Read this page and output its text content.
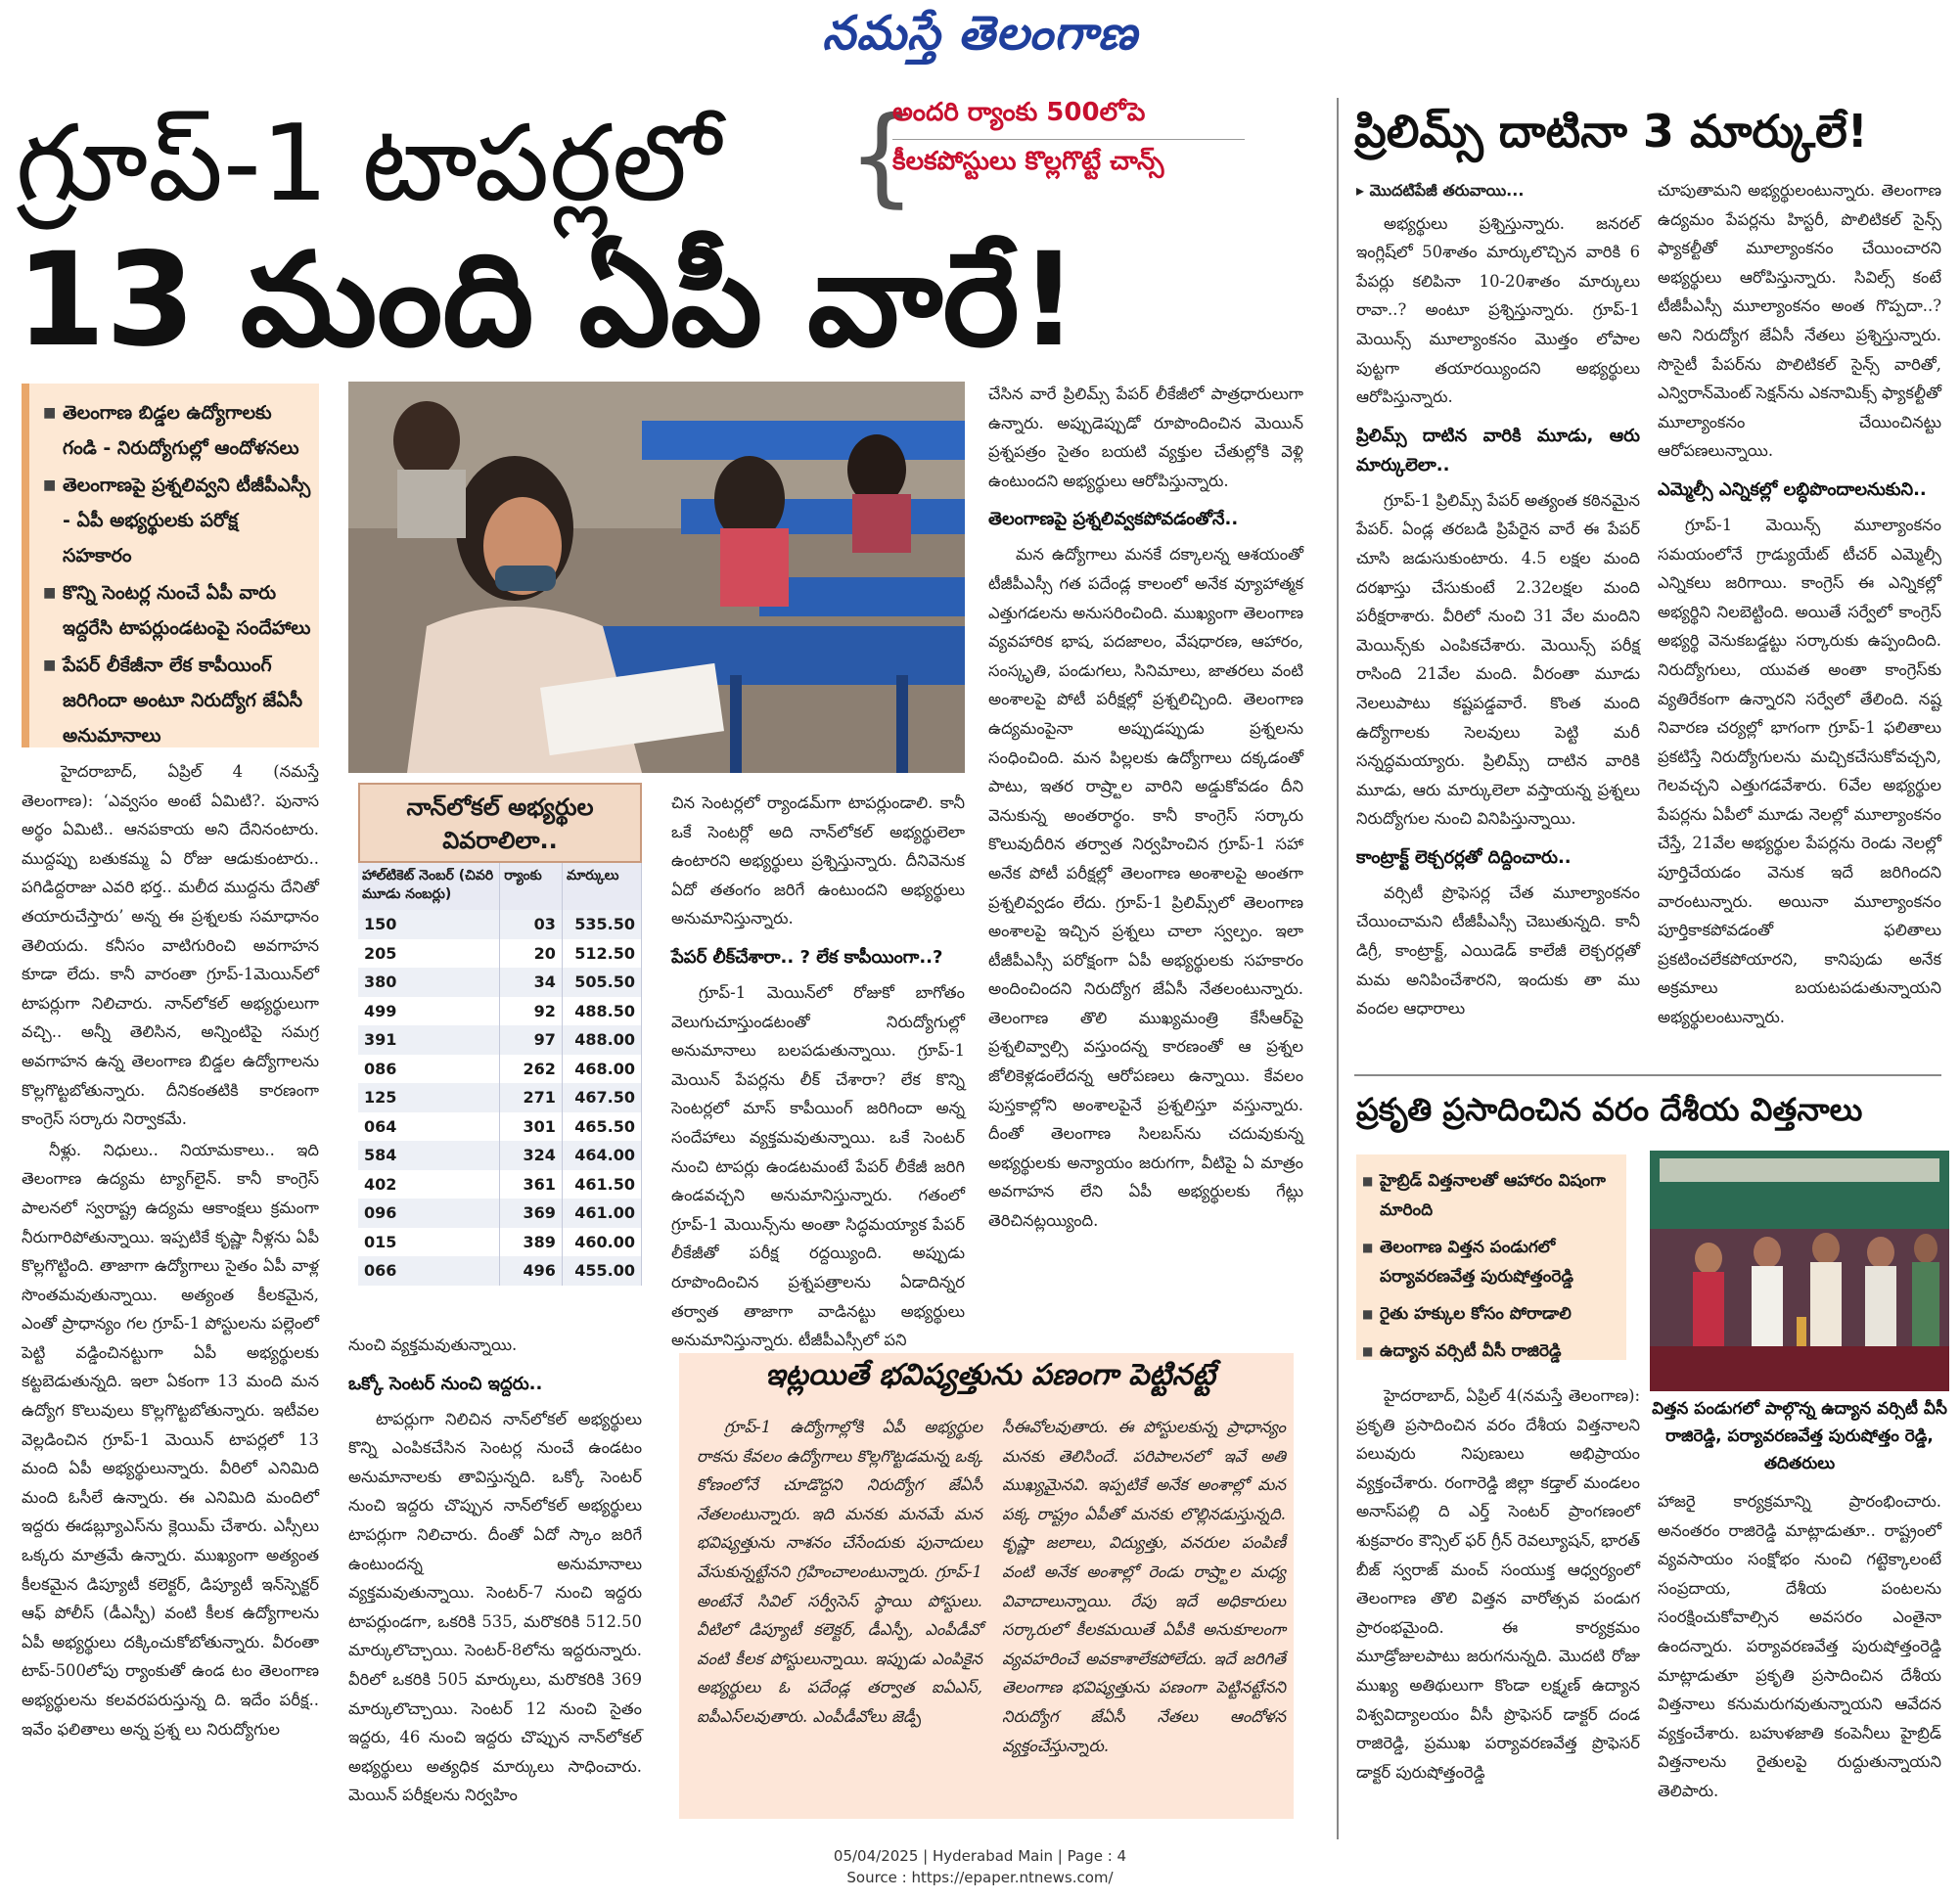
నమస్తే తెలంగాణ
గ్రూప్-1 టాపర్లలో
13 మంది ఏపీ వారే!
{
అందరి ర్యాంకు 500లోపె
కీలకపోస్టులు కొల్లగొట్టే చాన్స్
■ తెలంగాణ బిడ్డల ఉద్యోగాలకు గండి - నిరుద్యోగుల్లో ఆందోళనలు
■ తెలంగాణపై ప్రశ్నలివ్వని టీజీపీఎస్సీ - ఏపీ అభ్యర్థులకు పరోక్ష సహకారం
■ కొన్ని సెంటర్ల నుంచే ఏపీ వారు ఇద్దరేసి టాపర్లుండటంపై సందేహాలు
■ పేపర్ లీకేజీనా లేక కాపీయింగ్ జరిగిందా అంటూ నిరుద్యోగ జేఏసీ అనుమానాలు

హైదరాబాద్, ఏప్రిల్ 4 (నమస్తే తెలంగాణ): ‘ఎవ్వసం అంటే ఏమిటి?. పునాస అర్థం ఏమిటి.. ఆనపకాయ అని దేనినంటారు. ముద్దప్పు బతుకమ్మ ఏ రోజు ఆడుకుంటారు.. పగిడిద్దరాజు ఎవరి భర్త.. మలీద ముద్దను దేనితో తయారుచేస్తారు’ అన్న ఈ ప్రశ్నలకు సమాధానం తెలియదు. కనీసం వాటిగురించి అవగాహన కూడా లేదు. కానీ వారంతా గ్రూప్-1మెయిన్‌లో టాపర్లుగా నిలిచారు. నాన్‌లోకల్ అభ్యర్థులుగా వచ్చి.. అన్నీ తెలిసిన, అన్నింటిపై సమగ్ర అవగాహన ఉన్న తెలంగాణ బిడ్డల ఉద్యోగాలను కొల్లగొట్టబోతున్నారు. దీనికంతటికి కారణంగా కాంగ్రెస్ సర్కారు నిర్వాకమే.

నీళ్లు. నిధులు.. నియామకాలు.. ఇది తెలంగాణ ఉద్యమ ట్యాగ్‌లైన్. కానీ కాంగ్రెస్ పాలనలో స్వరాష్ట్ర ఉద్యమ ఆకాంక్షలు క్రమంగా నీరుగారిపోతున్నాయి. ఇప్పటికే కృష్ణా నీళ్లను ఏపీ కొల్లగొట్టింది. తాజాగా ఉద్యోగాలు సైతం ఏపీ వాళ్ల సొంతమవుతున్నాయి. అత్యంత కీలకమైన, ఎంతో ప్రాధాన్యం గల గ్రూప్-1 పోస్టులను పల్లెంలో పెట్టి వడ్డించినట్టుగా ఏపీ అభ్యర్థులకు కట్టబెడుతున్నది. ఇలా ఏకంగా 13 మంది మన ఉద్యోగ కొలువులు కొల్లగొట్టబోతున్నారు. ఇటీవల వెల్లడించిన గ్రూప్-1 మెయిన్ టాపర్లలో 13 మంది ఏపీ అభ్యర్థులున్నారు. వీరిలో ఎనిమిది మంది ఓసీలే ఉన్నారు. ఈ ఎనిమిది మందిలో ఇద్దరు ఈడబ్ల్యూఎస్‌ను క్లెయిమ్ చేశారు. ఎస్సీలు ఒక్కరు మాత్రమే ఉన్నారు. ముఖ్యంగా అత్యంత కీలకమైన డిప్యూటీ కలెక్టర్, డిప్యూటీ ఇన్‌స్పెక్టర్ ఆఫ్ పోలీస్ (డీఎస్పీ) వంటి కీలక ఉద్యోగాలను ఏపీ అభ్యర్థులు దక్కించుకోబోతున్నారు. వీరంతా టాప్-500లోపు ర్యాంకుతో ఉండ టం తెలంగాణ అభ్యర్థులను కలవరపరుస్తున్న ది. ఇదేం పరీక్ష.. ఇవేం ఫలితాలు అన్న ప్రశ్న లు నిరుద్యోగుల

నాన్‌లోకల్ అభ్యర్థుల వివరాలిలా..
హాల్‌టికెట్ నెంబర్ (చివరి మూడు నంబర్లు)	ర్యాంకు	మార్కులు
150	03	535.50
205	20	512.50
380	34	505.50
499	92	488.50
391	97	488.00
086	262	468.00
125	271	467.50
064	301	465.50
584	324	464.00
402	361	461.50
096	369	461.00
015	389	460.00
066	496	455.00

నుంచి వ్యక్తమవుతున్నాయి.

ఒక్కో సెంటర్ నుంచి ఇద్దరు..

టాపర్లుగా నిలిచిన నాన్‌లోకల్ అభ్యర్థులు కొన్ని ఎంపికచేసిన సెంటర్ల నుంచే ఉండటం అనుమానాలకు తావిస్తున్నది. ఒక్కో సెంటర్ నుంచి ఇద్దరు చొప్పున నాన్‌లోకల్ అభ్యర్థులు టాపర్లుగా నిలిచారు. దీంతో ఏదో స్కాం జరిగే ఉంటుందన్న అనుమానాలు వ్యక్తమవుతున్నాయి. సెంటర్-7 నుంచి ఇద్దరు టాపర్లుండగా, ఒకరికి 535, మరొకరికి 512.50 మార్కులొచ్చాయి. సెంటర్-8లోను ఇద్దరున్నారు. వీరిలో ఒకరికి 505 మార్కులు, మరొకరికి 369 మార్కులొచ్చాయి. సెంటర్ 12 నుంచి సైతం ఇద్దరు, 46 నుంచి ఇద్దరు చొప్పున నాన్‌లోకల్ అభ్యర్థులు అత్యధిక మార్కులు సాధించారు. మెయిన్ పరీక్షలను నిర్వహిం

చిన సెంటర్లలో ర్యాండమ్‌గా టాపర్లుండాలి. కానీ ఒకే సెంటర్లో అది నాన్‌లోకల్ అభ్యర్థులెలా ఉంటారని అభ్యర్థులు ప్రశ్నిస్తున్నారు. దీనివెనుక ఏదో తతంగం జరిగే ఉంటుందని అభ్యర్థులు అనుమానిస్తున్నారు.

పేపర్ లీక్‌చేశారా.. ? లేక కాపీయింగా..?

గ్రూప్-1 మెయిన్‌లో రోజుకో బాగోతం వెలుగుచూస్తుండటంతో నిరుద్యోగుల్లో అనుమానాలు బలపడుతున్నాయి. గ్రూప్-1 మెయిన్ పేపర్లను లీక్ చేశారా? లేక కొన్ని సెంటర్లలో మాస్ కాపీయింగ్ జరిగిందా అన్న సందేహాలు వ్యక్తమవుతున్నాయి. ఒకే సెంటర్ నుంచి టాపర్లు ఉండటమంటే పేపర్ లీకేజీ జరిగి ఉండవచ్చని అనుమానిస్తున్నారు. గతంలో గ్రూప్-1 మెయిన్స్‌ను అంతా సిద్ధమయ్యాక పేపర్ లీకేజీతో పరీక్ష రద్దయ్యింది. అప్పుడు రూపొందించిన ప్రశ్నపత్రాలను ఏడాదిన్నర తర్వాత తాజాగా వాడినట్టు అభ్యర్థులు అనుమానిస్తున్నారు. టీజీపీఎస్సీలో పని

చేసిన వారే ప్రిలిమ్స్ పేపర్ లీకేజీలో పాత్రధారులుగా ఉన్నారు. అప్పుడెప్పుడో రూపొందించిన మెయిన్ ప్రశ్నపత్రం సైతం బయటి వ్యక్తుల చేతుల్లోకి వెళ్లి ఉంటుందని అభ్యర్థులు ఆరోపిస్తున్నారు.

తెలంగాణపై ప్రశ్నలివ్వకపోవడంతోనే..

మన ఉద్యోగాలు మనకే దక్కాలన్న ఆశయంతో టీజీపీఎస్సీ గత పదేండ్ల కాలంలో అనేక వ్యూహాత్మక ఎత్తుగడలను అనుసరించింది. ముఖ్యంగా తెలంగాణ వ్యవహారిక భాష, పదజాలం, వేషధారణ, ఆహారం, సంస్కృతి, పండుగలు, సినిమాలు, జాతరలు వంటి అంశాలపై పోటీ పరీక్షల్లో ప్రశ్నలిచ్చింది. తెలంగాణ ఉద్యమంపైనా అప్పుడప్పుడు ప్రశ్నలను సంధించింది. మన పిల్లలకు ఉద్యోగాలు దక్కడంతో పాటు, ఇతర రాష్ర్టాల వారిని అడ్డుకోవడం దీని వెనుకున్న అంతరార్థం. కానీ కాంగ్రెస్ సర్కారు కొలువుదీరిన తర్వాత నిర్వహించిన గ్రూప్-1 సహా అనేక పోటీ పరీక్షల్లో తెలంగాణ అంశాలపై అంతగా ప్రశ్నలివ్వడం లేదు. గ్రూప్-1 ప్రిలిమ్స్‌లో తెలంగాణ అంశాలపై ఇచ్చిన ప్రశ్నలు చాలా స్వల్పం. ఇలా టీజీపీఎస్సీ పరోక్షంగా ఏపీ అభ్యర్థులకు సహకారం అందించిందని నిరుద్యోగ జేఏసీ నేతలంటున్నారు. తెలంగాణ తొలి ముఖ్యమంత్రి కేసీఆర్‌పై ప్రశ్నలివ్వాల్సి వస్తుందన్న కారణంతో ఆ ప్రశ్నల జోలికెళ్లడంలేదన్న ఆరోపణలు ఉన్నాయి. కేవలం పుస్తకాల్లోని అంశాలపైనే ప్రశ్నలిస్తూ వస్తున్నారు. దీంతో తెలంగాణ సిలబస్‌ను చదువుకున్న అభ్యర్థులకు అన్యాయం జరుగగా, వీటిపై ఏ మాత్రం అవగాహన లేని ఏపీ అభ్యర్థులకు గేట్లు తెరిచినట్లయ్యింది.

ఇట్లయితే భవిష్యత్తును పణంగా పెట్టినట్టే

గ్రూప్-1 ఉద్యోగాల్లోకి ఏపీ అభ్యర్థుల రాకను కేవలం ఉద్యోగాలు కొల్లగొట్టడమన్న ఒక్క కోణంలోనే చూడొద్దని నిరుద్యోగ జేఏసీ నేతలంటున్నారు. ఇది మనకు మనమే మన భవిష్యత్తును నాశనం చేసేందుకు పునాదులు వేసుకున్నట్టేనని గ్రహించాలంటున్నారు. గ్రూప్-1 అంటేనే సివిల్ సర్వీసెస్ స్థాయి పోస్టులు. వీటిలో డిప్యూటీ కలెక్టర్, డీఎస్పీ, ఎంపీడీవో వంటి కీలక పోస్టులున్నాయి. ఇప్పుడు ఎంపికైన అభ్యర్థులు ఓ పదేండ్ల తర్వాత ఐఏఎస్, ఐపీఎస్‌లవుతారు. ఎంపీడీవోలు జెడ్పీ

సీఈవోలవుతారు. ఈ పోస్టులకున్న ప్రాధాన్యం మనకు తెలిసిందే. పరిపాలనలో ఇవే అతి ముఖ్యమైనవి. ఇప్పటికే అనేక అంశాల్లో మన పక్క రాష్ట్రం ఏపీతో మనకు లొల్లినడుస్తున్నది. కృష్ణా జలాలు, విద్యుత్తు, వనరుల పంపిణీ వంటి అనేక అంశాల్లో రెండు రాష్ర్టాల మధ్య వివాదాలున్నాయి. రేపు ఇదే అధికారులు సర్కారులో కీలకమయితే ఏపీకి అనుకూలంగా వ్యవహరించే అవకాశాలేకపోలేదు. ఇదే జరిగితే తెలంగాణ భవిష్యత్తును పణంగా పెట్టినట్టేనని నిరుద్యోగ జేఏసీ నేతలు ఆందోళన వ్యక్తంచేస్తున్నారు.

ప్రిలిమ్స్ దాటినా 3 మార్కులే!
▸ మొదటిపేజీ తరువాయి...

అభ్యర్థులు ప్రశ్నిస్తున్నారు. జనరల్ ఇంగ్లిష్‌లో 50శాతం మార్కులొచ్చిన వారికి 6 పేపర్లు కలిపినా 10-20శాతం మార్కులు రావా..? అంటూ ప్రశ్నిస్తున్నారు. గ్రూప్-1 మెయిన్స్ మూల్యాంకనం మొత్తం లోపాల పుట్టగా తయారయ్యిందని అభ్యర్థులు ఆరోపిస్తున్నారు.

ప్రిలిమ్స్ దాటిన వారికి మూడు, ఆరు మార్కులెలా..

గ్రూప్-1 ప్రిలిమ్స్ పేపర్ అత్యంత కఠినమైన పేపర్. ఏండ్ల తరబడి ప్రిపేరైన వారే ఈ పేపర్ చూసి జడుసుకుంటారు. 4.5 లక్షల మంది దరఖాస్తు చేసుకుంటే 2.32లక్షల మంది పరీక్షరాశారు. వీరిలో నుంచి 31 వేల మందిని మెయిన్స్‌కు ఎంపికచేశారు. మెయిన్స్ పరీక్ష రాసింది 21వేల మంది. వీరంతా మూడు నెలలుపాటు కష్టపడ్డవారే. కొంత మంది ఉద్యోగాలకు సెలవులు పెట్టి మరీ సన్నద్ధమయ్యారు. ప్రిలిమ్స్ దాటిన వారికి మూడు, ఆరు మార్కులెలా వస్తాయన్న ప్రశ్నలు నిరుద్యోగుల నుంచి వినిపిస్తున్నాయి.

కాంట్రాక్ట్ లెక్చరర్లతో దిద్దించారు..

వర్సిటీ ప్రొఫెసర్ల చేత మూల్యాంకనం చేయించామని టీజీపీఎస్సీ చెబుతున్నది. కానీ డిగ్రీ, కాంట్రాక్ట్, ఎయిడెడ్ కాలేజీ లెక్చరర్లతో మమ అనిపించేశారని, ఇందుకు తా ము వందల ఆధారాలు

చూపుతామని అభ్యర్థులంటున్నారు. తెలంగాణ ఉద్యమం పేపర్లను హిస్టరీ, పొలిటికల్ సైన్స్ ఫ్యాకల్టీతో మూల్యాంకనం చేయించారని అభ్యర్థులు ఆరోపిస్తున్నారు. సివిల్స్ కంటే టీజీపీఎస్సీ మూల్యాంకనం అంత గొప్పదా..? అని నిరుద్యోగ జేఏసీ నేతలు ప్రశ్నిస్తున్నారు. సొసైటీ పేపర్‌ను పొలిటికల్ సైన్స్ వారితో, ఎన్విరాన్‌మెంట్ సెక్షన్‌ను ఎకనామిక్స్ ఫ్యాకల్టీతో మూల్యాంకనం చేయించినట్టు ఆరోపణలున్నాయి.

ఎమ్మెల్సీ ఎన్నికల్లో లబ్ధిపొందాలనుకుని..

గ్రూప్-1 మెయిన్స్ మూల్యాంకనం సమయంలోనే గ్రాడ్యుయేట్ టీచర్ ఎమ్మెల్సీ ఎన్నికలు జరిగాయి. కాంగ్రెస్ ఈ ఎన్నికల్లో అభ్యర్థిని నిలబెట్టింది. అయితే సర్వేలో కాంగ్రెస్ అభ్యర్థి వెనుకబడ్డట్టు సర్కారుకు ఉప్పందింది. నిరుద్యోగులు, యువత అంతా కాంగ్రెస్‌కు వ్యతిరేకంగా ఉన్నారని సర్వేలో తేలింది. నష్ట నివారణ చర్యల్లో భాగంగా గ్రూప్-1 ఫలితాలు ప్రకటిస్తే నిరుద్యోగులను మచ్చికచేసుకోవచ్చని, గెలవచ్చని ఎత్తుగడవేశారు. 6వేల అభ్యర్థుల పేపర్లను ఏపీలో మూడు నెలల్లో మూల్యాంకనం చేస్తే, 21వేల అభ్యర్థుల పేపర్లను రెండు నెలల్లో పూర్తిచేయడం వెనుక ఇదే జరిగిందని వారంటున్నారు. అయినా మూల్యాంకనం పూర్తికాకపోవడంతో ఫలితాలు ప్రకటించలేకపోయారని, కానిపుడు అనేక అక్రమాలు బయటపడుతున్నాయని అభ్యర్థులంటున్నారు.

ప్రకృతి ప్రసాదించిన వరం దేశీయ విత్తనాలు
■ హైబ్రిడ్ విత్తనాలతో ఆహారం విషంగా మారింది
■ తెలంగాణ విత్తన పండుగలో పర్యావరణవేత్త పురుషోత్తంరెడ్డి
■ రైతు హక్కుల కోసం పోరాడాలి
■ ఉద్యాన వర్సిటీ వీసీ రాజిరెడ్డి
విత్తన పండుగలో పాల్గొన్న ఉద్యాన వర్సిటీ వీసీ రాజిరెడ్డి, పర్యావరణవేత్త పురుషోత్తం రెడ్డి, తదితరులు

హైదరాబాద్, ఏప్రిల్ 4(నమస్తే తెలంగాణ): ప్రకృతి ప్రసాదించిన వరం దేశీయ విత్తనాలని పలువురు నిపుణులు అభిప్రాయం వ్యక్తంచేశారు. రంగారెడ్డి జిల్లా కడ్తాల్ మండలం అనాస్‌పల్లి ది ఎర్త్ సెంటర్ ప్రాంగణంలో శుక్రవారం కౌన్సిల్ ఫర్ గ్రీన్ రెవల్యూషన్, భారత్ బీజ్ స్వరాజ్ మంచ్ సంయుక్త ఆధ్వర్యంలో తెలంగాణ తొలి విత్తన వారోత్సవ పండుగ ప్రారంభమైంది. ఈ కార్యక్రమం మూడ్రోజులపాటు జరుగనున్నది. మొదటి రోజు ముఖ్య అతిథులుగా కొండా లక్ష్మణ్ ఉద్యాన విశ్వవిద్యాలయం వీసీ ప్రొఫెసర్ డాక్టర్ దండ రాజిరెడ్డి, ప్రముఖ పర్యావరణవేత్త ప్రొఫెసర్ డాక్టర్ పురుషోత్తంరెడ్డి

హాజరై కార్యక్రమాన్ని ప్రారంభించారు. అనంతరం రాజిరెడ్డి మాట్లాడుతూ.. రాష్ట్రంలో వ్యవసాయం సంక్షోభం నుంచి గట్టెక్కాలంటే సంప్రదాయ, దేశీయ పంటలను సంరక్షించుకోవాల్సిన అవసరం ఎంతైనా ఉందన్నారు. పర్యావరణవేత్త పురుషోత్తంరెడ్డి మాట్లాడుతూ ప్రకృతి ప్రసాదించిన దేశీయ విత్తనాలు కనుమరుగవుతున్నాయని ఆవేదన వ్యక్తంచేశారు. బహుళజాతి కంపెనీలు హైబ్రిడ్ విత్తనాలను రైతులపై రుద్దుతున్నాయని తెలిపారు.

05/04/2025 | Hyderabad Main | Page : 4
Source : https://epaper.ntnews.com/
